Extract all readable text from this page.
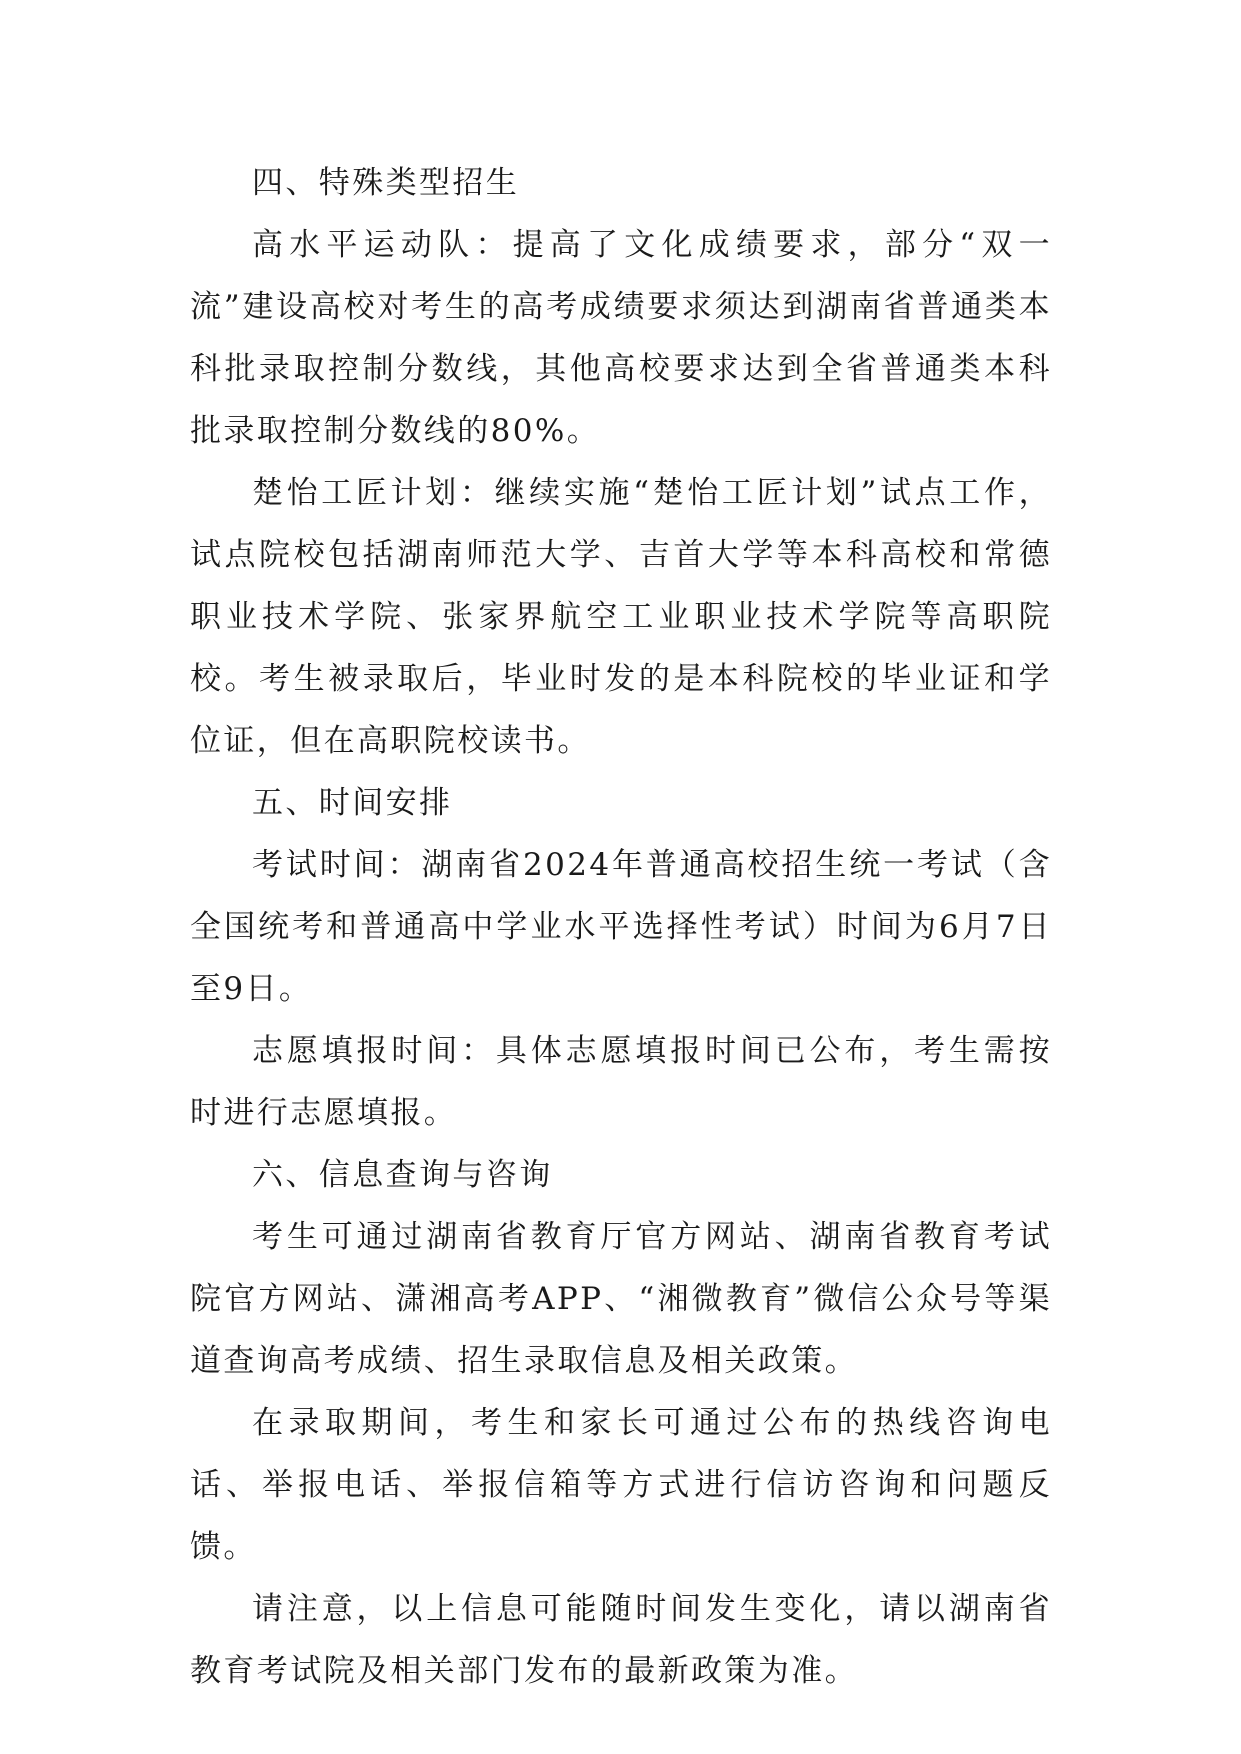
四、特殊类型招生

高水平运动队：提高了文化成绩要求，部分“双一流”建设高校对考生的高考成绩要求须达到湖南省普通类本科批录取控制分数线，其他高校要求达到全省普通类本科批录取控制分数线的80%。

楚怡工匠计划：继续实施“楚怡工匠计划”试点工作，试点院校包括湖南师范大学、吉首大学等本科高校和常德职业技术学院、张家界航空工业职业技术学院等高职院校。考生被录取后，毕业时发的是本科院校的毕业证和学位证，但在高职院校读书。

五、时间安排

考试时间：湖南省2024年普通高校招生统一考试（含全国统考和普通高中学业水平选择性考试）时间为6月7日至9日。

志愿填报时间：具体志愿填报时间已公布，考生需按时进行志愿填报。

六、信息查询与咨询

考生可通过湖南省教育厅官方网站、湖南省教育考试院官方网站、潇湘高考APP、“湘微教育”微信公众号等渠道查询高考成绩、招生录取信息及相关政策。

在录取期间，考生和家长可通过公布的热线咨询电话、举报电话、举报信箱等方式进行信访咨询和问题反馈。

请注意，以上信息可能随时间发生变化，请以湖南省教育考试院及相关部门发布的最新政策为准。
